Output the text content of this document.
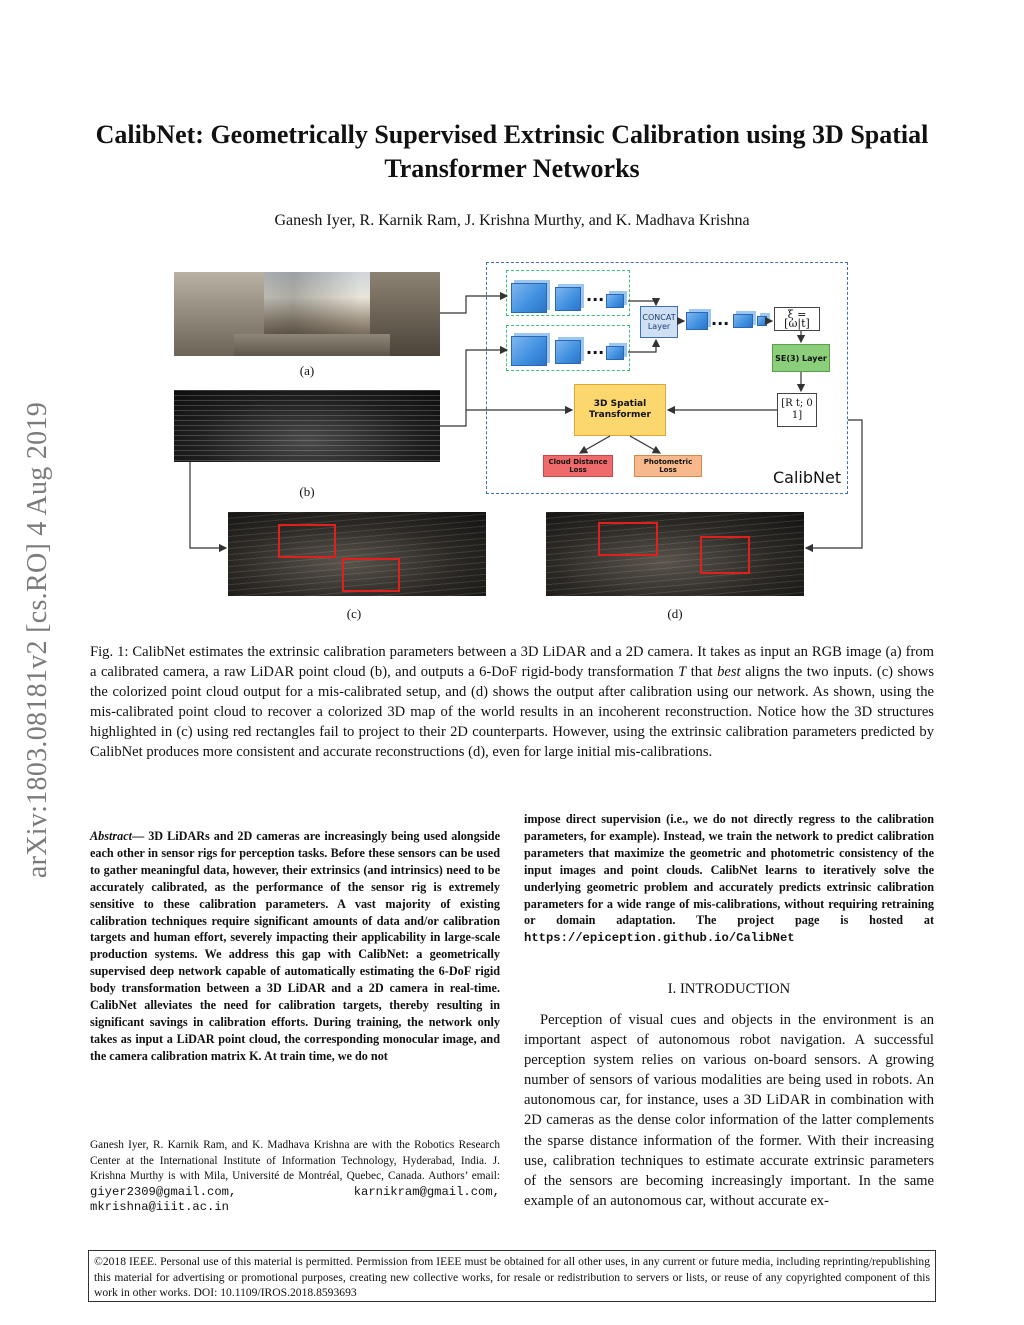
arXiv:1803.08181v2 [cs.RO] 4 Aug 2019
CalibNet: Geometrically Supervised Extrinsic Calibration using 3D Spatial Transformer Networks
Ganesh Iyer, R. Karnik Ram, J. Krishna Murthy, and K. Madhava Krishna
(a)
(b)
(c)	(d)
...
...
CONCAT Layer	...	ξ = [ω|t]
SE(3) Layer
[R t; 0 1]
3D Spatial Transformer
Cloud Distance Loss
Photometric Loss	CalibNet

Fig. 1: CalibNet estimates the extrinsic calibration parameters between a 3D LiDAR and a 2D camera. It takes as input an RGB image (a) from a calibrated camera, a raw LiDAR point cloud (b), and outputs a 6-DoF rigid-body transformation T that best aligns the two inputs. (c) shows the colorized point cloud output for a mis-calibrated setup, and (d) shows the output after calibration using our network. As shown, using the mis-calibrated point cloud to recover a colorized 3D map of the world results in an incoherent reconstruction. Notice how the 3D structures highlighted in (c) using red rectangles fail to project to their 2D counterparts. However, using the extrinsic calibration parameters predicted by CalibNet produces more consistent and accurate reconstructions (d), even for large initial mis-calibrations.

Abstract— 3D LiDARs and 2D cameras are increasingly being used alongside each other in sensor rigs for perception tasks. Before these sensors can be used to gather meaningful data, however, their extrinsics (and intrinsics) need to be accurately calibrated, as the performance of the sensor rig is extremely sensitive to these calibration parameters. A vast majority of existing calibration techniques require significant amounts of data and/or calibration targets and human effort, severely impacting their applicability in large-scale production systems. We address this gap with CalibNet: a geometrically supervised deep network capable of automatically estimating the 6-DoF rigid body transformation between a 3D LiDAR and a 2D camera in real-time. CalibNet alleviates the need for calibration targets, thereby resulting in significant savings in calibration efforts. During training, the network only takes as input a LiDAR point cloud, the corresponding monocular image, and the camera calibration matrix K. At train time, we do not

Ganesh Iyer, R. Karnik Ram, and K. Madhava Krishna are with the Robotics Research Center at the International Institute of Information Technology, Hyderabad, India. J. Krishna Murthy is with Mila, Université de Montréal, Quebec, Canada. Authors’ email: giyer2309@gmail.com, karnikram@gmail.com, mkrishna@iiit.ac.in

impose direct supervision (i.e., we do not directly regress to the calibration parameters, for example). Instead, we train the network to predict calibration parameters that maximize the geometric and photometric consistency of the input images and point clouds. CalibNet learns to iteratively solve the underlying geometric problem and accurately predicts extrinsic calibration parameters for a wide range of mis-calibrations, without requiring retraining or domain adaptation. The project page is hosted at https://epiception.github.io/CalibNet

I. INTRODUCTION

Perception of visual cues and objects in the environment is an important aspect of autonomous robot navigation. A successful perception system relies on various on-board sensors. A growing number of sensors of various modalities are being used in robots. An autonomous car, for instance, uses a 3D LiDAR in combination with 2D cameras as the dense color information of the latter complements the sparse distance information of the former. With their increasing use, calibration techniques to estimate accurate extrinsic parameters of the sensors are becoming increasingly important. In the same example of an autonomous car, without accurate ex-

©2018 IEEE. Personal use of this material is permitted. Permission from IEEE must be obtained for all other uses, in any current or future media, including reprinting/republishing this material for advertising or promotional purposes, creating new collective works, for resale or redistribution to servers or lists, or reuse of any copyrighted component of this work in other works. DOI: 10.1109/IROS.2018.8593693
